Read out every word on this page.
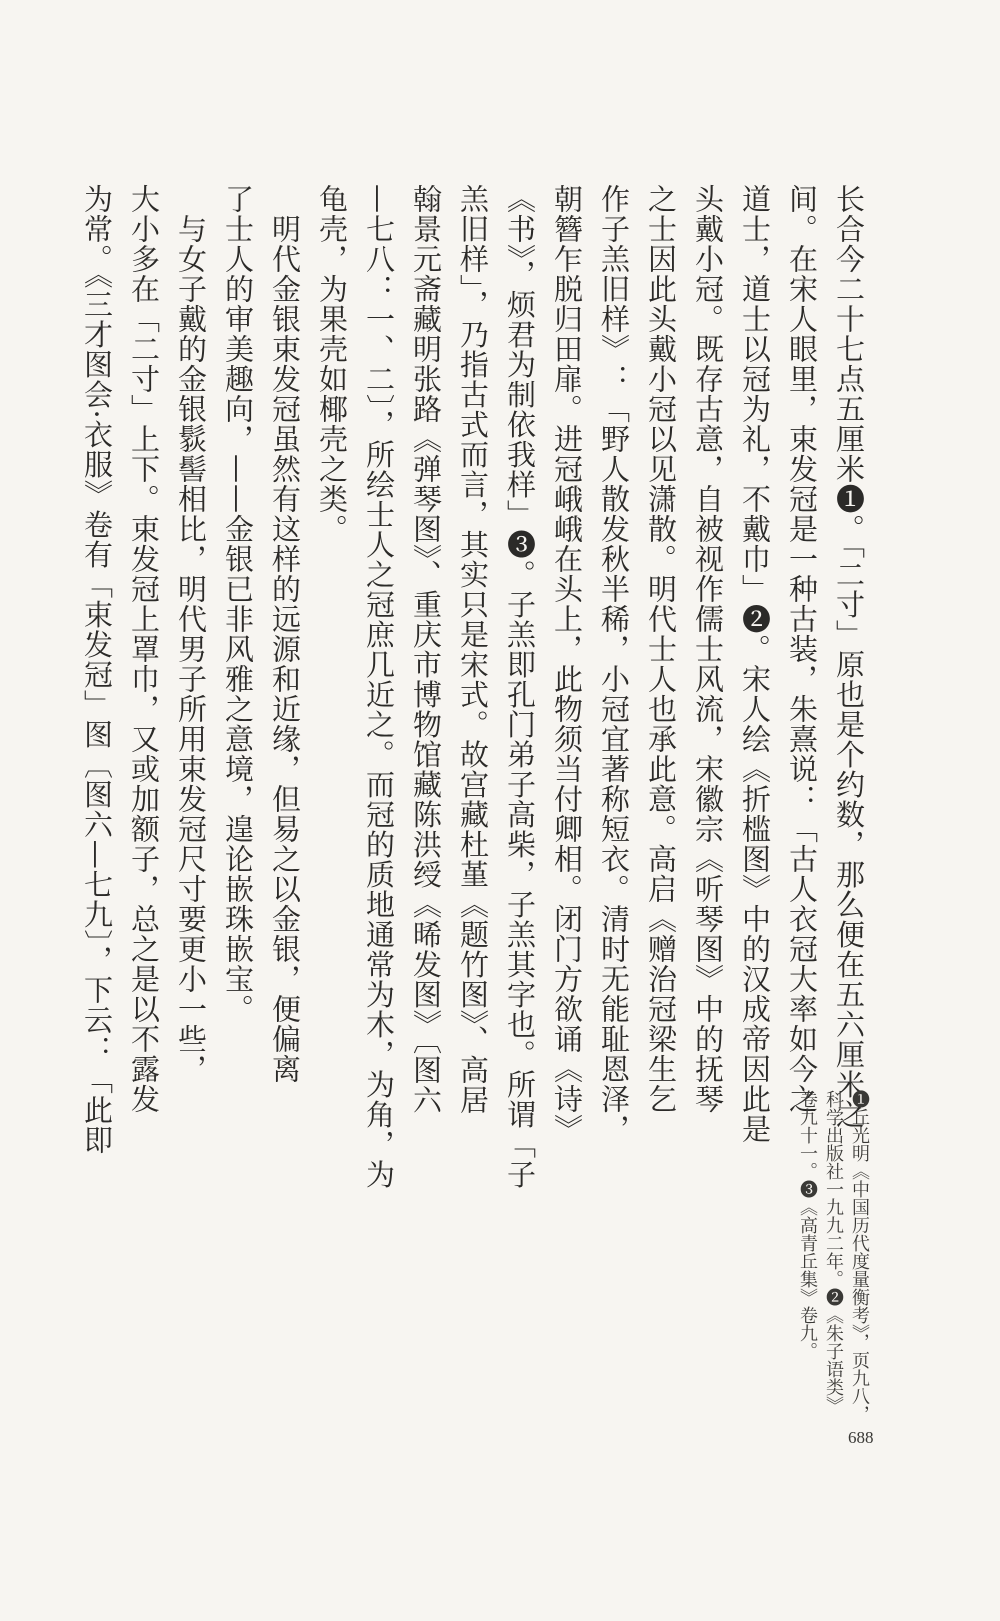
长合今二十七点五厘米❶。「二寸」原也是个约数，那么便在五六厘米之
间。在宋人眼里，束发冠是一种古装，朱熹说：「古人衣冠大率如今之
道士，道士以冠为礼，不戴巾」❷。宋人绘《折槛图》中的汉成帝因此是
头戴小冠。既存古意，自被视作儒士风流，宋徽宗《听琴图》中的抚琴
之士因此头戴小冠以见潇散。明代士人也承此意。高启《赠治冠梁生乞
作子羔旧样》：「野人散发秋半稀，小冠宜著称短衣。清时无能耻恩泽，
朝簪乍脱归田扉。进冠峨峨在头上，此物须当付卿相。闭门方欲诵《诗》
《书》，烦君为制依我样」❸。子羔即孔门弟子高柴，子羔其字也。所谓「子
羔旧样」，乃指古式而言，其实只是宋式。故宫藏杜堇《题竹图》、高居
翰景元斋藏明张路《弹琴图》、重庆市博物馆藏陈洪绶《晞发图》〔图六
—七八：一、二〕，所绘士人之冠庶几近之。而冠的质地通常为木，为角，为
龟壳，为果壳如椰壳之类。
　明代金银束发冠虽然有这样的远源和近缘，但易之以金银，便偏离
了士人的审美趣向，——金银已非风雅之意境，遑论嵌珠嵌宝。
　与女子戴的金银䯼髻相比，明代男子所用束发冠尺寸要更小一些，
大小多在「二寸」上下。束发冠上罩巾，又或加额子，总之是以不露发
为常。《三才图会·衣服》卷有「束发冠」图〔图六—七九〕，下云：「此即
❶丘光明《中国历代度量衡考》，页九八，
科学出版社一九九二年。❷《朱子语类》
卷九十一。❸《高青丘集》卷九。
688
